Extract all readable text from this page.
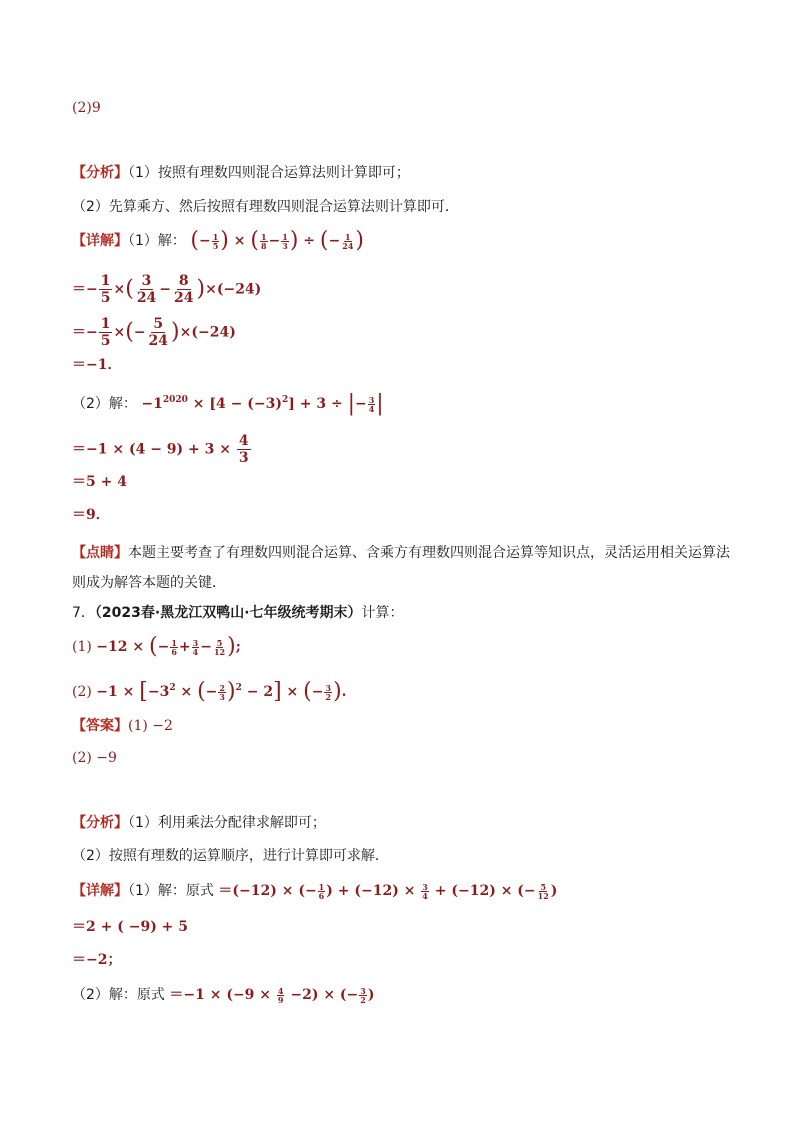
(2)9
【分析】（1）按照有理数四则混合运算法则计算即可；
（2）先算乘方、然后按照有理数四则混合运算法则计算即可．
【详解】（1）解： (− $\frac{1}{5}$ ) × ( $\frac{1}{8} - \frac{1}{3}$ ) ÷ (− $\frac{1}{24}$ )
＝− $\frac{1}{5}$ ×( $\frac{3}{24} - \frac{8}{24} )\times(-24)$
＝− $\frac{1}{5}$ ×(− $\frac{5}{24} )\times(-24)$
＝−1．
（2）解： $-1^{2020} \times [4 - (-3)^2] + 3$ ÷ |− $\frac{3}{4}$ |
$=-1 \times (4 - 9) + 3 \times \frac{4}{3}$
＝5 + 4
＝9．
【点睛】本题主要考查了有理数四则混合运算、含乘方有理数四则混合运算等知识点，灵活运用相关运算法则成为解答本题的关键．
7．（2023春·黑龙江双鸭山·七年级统考期末）计算：
(1) −12 × (− $\frac{1}{6} + \frac{3}{4} - \frac{5}{12}$ );
$(2) -1 \times [-3^2$ × (− $\frac{2}{3} )^2 - 2$] × (− $\frac{3}{2}$ ).
【答案】(1) −2
(2) −9
【分析】（1）利用乘法分配律求解即可；
（2）按照有理数的运算顺序，进行计算即可求解．
【详解】（1）解：原式 ＝(−12) × (− $\frac{1}{6}$ ) + $(-12) \times \frac{3}{4} + (-12)$ × (− $\frac{5}{12}$ )
＝2 + ( −9) + 5
＝−2；
（2）解：原式 $=-1 \times (-9 \times \frac{4}{9} -2)$ × (− $\frac{3}{2}$ )
